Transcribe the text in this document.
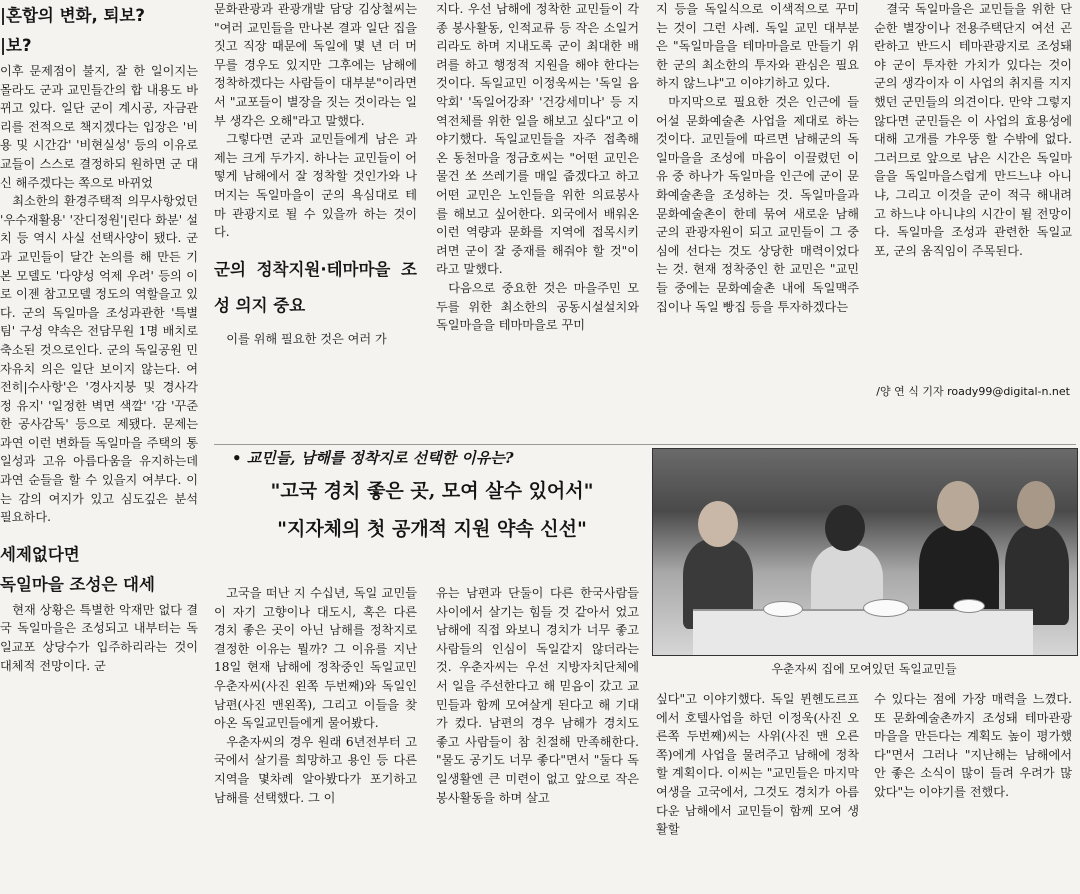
|혼합의 변화, 퇴보?
|보?

이후 문제점이 불지, 잘 한 일이지는 몰라도 군과 교민들간의 합 내용도 바뀌고 있다. 일단 군이 계시공, 자금관리를 전적으로 책지겠다는 입장은 '비용 및 시간감' '비현실성' 등의 이유로 교들이 스스로 결정하되 원하면 군 대신 해주겠다는 쪽으로 바뀌었

최소한의 환경주택적 의무사항었던 '우수재활용' '잔디정원'|린다 화분' 설치 등 역시 사실 선택사양이 됐다. 군과 교민들이 달간 논의를 해 만든 기본 모델도 '다양성 억제 우려' 등의 이로 이젠 참고모델 정도의 역할을고 있다. 군의 독일마을 조성과관한 '특별팀' 구성 약속은 전담무원 1명 배치로 축소된 것으로인다. 군의 독일공원 민자유치 의은 일단 보이지 않는다. 여전히|수사항'은 '경사지붕 및 경사각정 유지' '일정한 벽면 색깔' '감 '꾸준한 공사감독' 등으로 제됐다. 문제는 과연 이런 변화들 독일마을 주택의 통일성과 고유 아름다움을 유지하는데 과연 순들을 할 수 있을지 여부다. 이는 감의 여지가 있고 심도깊은 분석 필요하다.

세제없다면
독일마을 조성은 대세

현재 상황은 특별한 악재만 없다 결국 독일마을은 조성되고 내부터는 독일교포 상당수가 입주하리라는 것이 대체적 전망이다. 군

문화관광과 관광개발 담당 김상철씨는 "여러 교민들을 만나본 결과 일단 집을 짓고 직장 때문에 독일에 몇 년 더 머무를 경우도 있지만 그후에는 남해에 정착하겠다는 사람들이 대부분"이라면서 "교포들이 별장을 짓는 것이라는 일부 생각은 오해"라고 말했다.

그렇다면 군과 교민들에게 남은 과제는 크게 두가지. 하나는 교민들이 어떻게 남해에서 잘 정착할 것인가와 나머지는 독일마을이 군의 욕심대로 테마 관광지로 될 수 있을까 하는 것이다.

군의 정착지원·테마마을 조성 의지 중요

이를 위해 필요한 것은 여러 가

지다. 우선 남해에 정착한 교민들이 각종 봉사활동, 인적교류 등 작은 소일거리라도 하며 지내도록 군이 최대한 배려를 하고 행정적 지원을 해야 한다는 것이다. 독일교민 이정욱씨는 '독일 음악회' '독일어강좌' '건강세미나' 등 지역전체를 위한 일을 해보고 싶다"고 이야기했다. 독일교민들을 자주 접촉해온 동천마을 정금호씨는 "어떤 교민은 물건 쏘 쓰레기를 매일 줍겠다고 하고 어떤 교민은 노인들을 위한 의료봉사를 해보고 싶어한다. 외국에서 배워온 이런 역량과 문화를 지역에 접목시키려면 군이 잘 중재를 해줘야 할 것"이라고 말했다.

다음으로 중요한 것은 마을주민 모두를 위한 최소한의 공동시설설치와 독일마을을 테마마을로 꾸미

지 등을 독일식으로 이색적으로 꾸미는 것이 그런 사례. 독일 교민 대부분은 "독일마을을 테마마을로 만들기 위한 군의 최소한의 투자와 관심은 필요하지 않느냐"고 이야기하고 있다.

마지막으로 필요한 것은 인근에 들어설 문화예술촌 사업을 제대로 하는 것이다. 교민들에 따르면 남해군의 독일마을을 조성에 마음이 이끌렸던 이유 중 하나가 독일마을 인근에 군이 문화예술촌을 조성하는 것. 독일마을과 문화예술촌이 한데 묶여 새로운 남해군의 관광자원이 되고 교민들이 그 중심에 선다는 것도 상당한 매력이었다는 것. 현재 정착중인 한 교민은 "교민들 중에는 문화예술촌 내에 독일맥주집이나 독일 빵집 등을 투자하겠다는

결국 독일마을은 교민들을 위한 단순한 별장이나 전용주택단지 여선 곤란하고 반드시 테마관광지로 조성돼야 군이 투자한 가치가 있다는 것이 군의 생각이자 이 사업의 취지를 지지했던 군민들의 의견이다. 만약 그렇지 않다면 군민들은 이 사업의 효용성에 대해 고개를 갸우뚱 할 수밖에 없다. 그러므로 앞으로 남은 시간은 독일마을을 독일마을스럽게 만드느냐 아니냐, 그리고 이것을 군이 적극 해내려고 하느냐 아니냐의 시간이 될 전망이다. 독일마을 조성과 관련한 독일교포, 군의 움직임이 주목된다.

/양 연 식 기자 roady99@digital-n.net
• 교민들, 남해를 정착지로 선택한 이유는?
"고국 경치 좋은 곳, 모여 살수 있어서"
"지자체의 첫 공개적 지원 약속 신선"
우춘자씨 집에 모여있던 독일교민들

고국을 떠난 지 수십년, 독일 교민들이 자기 고향이나 대도시, 혹은 다른 경치 좋은 곳이 아닌 남해를 정착지로 결정한 이유는 뭘까? 그 이유를 지난 18일 현재 남해에 정착중인 독일교민 우춘자씨(사진 왼쪽 두번째)와 독일인 남편(사진 맨왼쪽), 그리고 이들을 찾아온 독일교민들에게 물어봤다.

우춘자씨의 경우 원래 6년전부터 고국에서 살기를 희망하고 용인 등 다른 지역을 몇차례 알아봤다가 포기하고 남해를 선택했다. 그 이

유는 남편과 단둘이 다른 한국사람들 사이에서 살기는 힘들 것 같아서 었고 남해에 직접 와보니 경치가 너무 좋고 사람들의 인심이 독일같지 않더라는 것. 우춘자씨는 우선 지방자치단체에서 일을 주선한다고 해 믿음이 갔고 교민들과 함께 모여살게 된다고 해 기대가 컸다. 남편의 경우 남해가 경치도 좋고 사람들이 참 친절해 만족해한다. "물도 공기도 너무 좋다"면서 "둘다 독일생활엔 큰 미련이 없고 앞으로 작은 봉사활동을 하며 살고

싶다"고 이야기했다. 독일 뮌헨도르프에서 호텔사업을 하던 이정욱(사진 오른쪽 두번째)씨는 사위(사진 맨 오른쪽)에게 사업을 물려주고 남해에 정착할 계획이다. 이씨는 "교민들은 마지막 여생을 고국에서, 그것도 경치가 아름다운 남해에서 교민들이 함께 모여 생활할

수 있다는 점에 가장 매력을 느꼈다. 또 문화예술촌까지 조성돼 테마관광마을을 만든다는 계획도 높이 평가했다"면서 그러나 "지난해는 남해에서 안 좋은 소식이 많이 들려 우려가 많았다"는 이야기를 전했다.
